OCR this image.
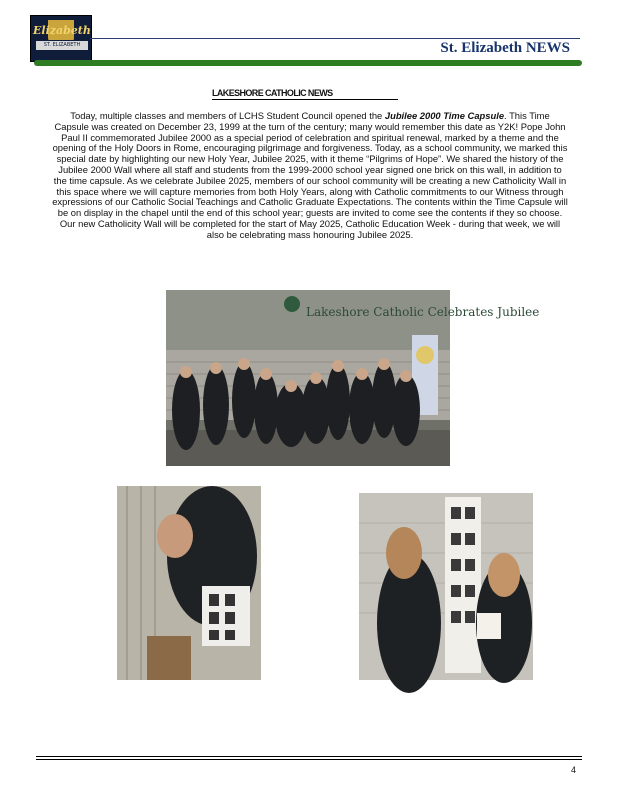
Elizabeth
ST. ELIZABETH	St. Elizabeth NEWS
LAKESHORE CATHOLIC NEWS
Today, multiple classes and members of LCHS Student Council opened the Jubilee 2000 Time Capsule. This Time Capsule was created on December 23, 1999 at the turn of the century; many would remember this date as Y2K! Pope John Paul II commemorated Jubilee 2000 as a special period of celebration and spiritual renewal, marked by a theme and the opening of the Holy Doors in Rome, encouraging pilgrimage and forgiveness. Today, as a school community, we marked this special date by highlighting our new Holy Year, Jubilee 2025, with it theme “Pilgrims of Hope”. We shared the history of the Jubilee 2000 Wall where all staff and students from the 1999-2000 school year signed one brick on this wall, in addition to the time capsule. As we celebrate Jubilee 2025, members of our school community will be creating a new Catholicity Wall in this space where we will capture memories from both Holy Years, along with Catholic commitments to our Witness through expressions of our Catholic Social Teachings and Catholic Graduate Expectations. The contents within the Time Capsule will be on display in the chapel until the end of this school year; guests are invited to come see the contents if they so choose. Our new Catholicity Wall will be completed for the start of May 2025, Catholic Education Week - during that week, we will also be celebrating mass honouring Jubilee 2025.
Lakeshore Catholic Celebrates Jubilee
4
